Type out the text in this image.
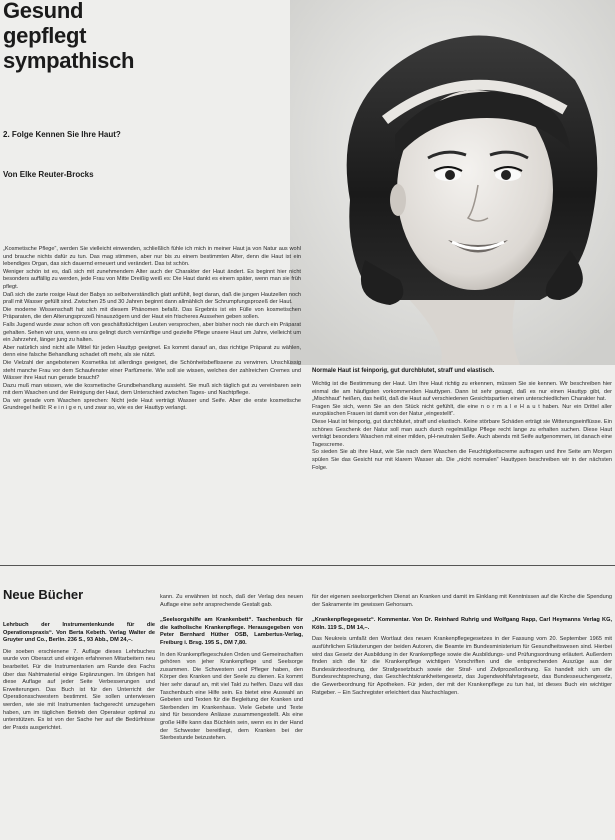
Gesund
gepflegt
sympathisch
2. Folge Kennen Sie Ihre Haut?
Von Elke Reuter-Brocks
Normale Haut ist feinporig, gut durchblutet, straff und elastisch.

„Kosmetische Pflege“, werden Sie vielleicht einwenden, schließlich fühle ich mich in meiner Haut ja von Natur aus wohl und brauche nichts dafür zu tun. Das mag stimmen, aber nur bis zu einem bestimmten Alter, denn die Haut ist ein lebendiges Organ, das sich dauernd erneuert und verändert. Das ist schön.

Weniger schön ist es, daß sich mit zunehmendem Alter auch der Charakter der Haut ändert. Es beginnt hier nicht besonders auffällig zu werden, jede Frau von Mitte Dreißig weiß es: Die Haut dankt es einem später, wenn man sie früh pflegt.

Daß sich die zarte rosige Haut der Babys so selbstverständlich glatt anfühlt, liegt daran, daß die jungen Hautzellen noch prall mit Wasser gefüllt sind. Zwischen 25 und 30 Jahren beginnt dann allmählich der Schrumpfungsprozeß der Haut.

Die moderne Wissenschaft hat sich mit diesem Phänomen befaßt. Das Ergebnis ist ein Fülle von kosmetischen Präparaten, die den Alterungsprozeß hinauszögern und der Haut ein frischeres Aussehen geben sollen.

Falls Jugend wurde zwar schon oft von geschäftstüchtigen Leuten versprochen, aber bisher noch nie durch ein Präparat gehalten. Sehen wir uns, wenn es uns gelingt durch vernünftige und gezielte Pflege unsere Haut um Jahre, vielleicht um ein Jahrzehnt, länger jung zu halten.

Aber natürlich sind nicht alle Mittel für jeden Hauttyp geeignet. Es kommt darauf an, das richtige Präparat zu wählen, denn eine falsche Behandlung schadet oft mehr, als sie nützt.

Die Vielzahl der angebotenen Kosmetika ist allerdings geeignet, die Schönheitsbeflissene zu verwirren. Unschlüssig steht manche Frau vor dem Schaufenster einer Parfümerie. Wie soll sie wissen, welches der zahlreichen Cremes und Wässer ihre Haut nun gerade braucht?

Dazu muß man wissen, wie die kosmetische Grundbehandlung aussieht. Sie muß sich täglich gut zu vereinbaren sein mit dem Waschen und der Reinigung der Haut, dem Unterschied zwischen Tages- und Nachtpflege.

Da wir gerade vom Waschen sprechen: Nicht jede Haut verträgt Wasser und Seife. Aber die erste kosmetische Grundregel heißt: R e i n i g e n, und zwar so, wie es der Hauttyp verlangt.

Wichtig ist die Bestimmung der Haut. Um Ihre Haut richtig zu erkennen, müssen Sie sie kennen. Wir beschreiben hier einmal die am häufigsten vorkommenden Hauttypen. Dann ist sehr gesagt, daß es nur einen Hauttyp gibt, der „Mischhaut“ heißen, das heißt, daß die Haut auf verschiedenen Gesichtspartien einen unterschiedlichen Charakter hat.

Fragen Sie sich, wenn Sie an den Stück nicht gefühlt, die eine n o r m a l e H a u t haben. Nur ein Drittel aller europäischen Frauen ist damit von der Natur „eingestellt“.

Diese Haut ist feinporig, gut durchblutet, straff und elastisch. Keine störbare Schäden erträgt sie Witterungseinflüsse. Ein schönes Geschenk der Natur soll man auch durch regelmäßige Pflege recht lange zu erhalten suchen. Diese Haut verträgt besonders Waschen mit einer milden, pH-neutralen Seife. Auch abends mit Seife aufgenommen, ist danach eine Tagescreme.

So sieden Sie ab ihre Haut, wie Sie nach dem Waschen die Feuchtigkeitscreme auftragen und ihre Seite am Morgen spülen Sie das Gesicht nur mit klarem Wasser ab. Die „nicht normalen“ Hauttypen beschreiben wir in der nächsten Folge.

Neue Bücher

Lehrbuch der Instrumentenkunde für die Operationspraxis“. Von Berta Kebeth. Verlag Walter de Gruyter und Co., Berlin. 236 S., 93 Abb., DM 24,–.

Die soeben erschienene 7. Auflage dieses Lehrbuches wurde von Oberarzt und einigen erfahrenen Mitarbeitern neu bearbeitet. Für die Instrumentarien am Rande des Fachs über das Nahtmaterial einige Ergänzungen. Im übrigen hat diese Auflage auf jeder Seite Verbesserungen und Erweiterungen. Das Buch ist für den Unterricht der Operationsschwestern bestimmt. Sie sollen unterwiesen werden, wie sie mit Instrumenten fachgerecht umzugehen haben, um im täglichen Betrieb den Operateur optimal zu unterstützen. Es ist von der Sache her auf die Bedürfnisse der Praxis ausgerichtet.

kann. Zu erwähnen ist noch, daß der Verlag des neuen Auflage eine sehr ansprechende Gestalt gab.

„Seelsorgshilfe am Krankenbett“. Taschenbuch für die katholische Krankenpflege. Herausgegeben von Peter Bernhard Hüther OSB, Lambertus-Verlag, Freiburg i. Brsg. 195 S., DM 7,80.

In den Krankenpflegeschulen Orden und Gemeinschaften gehören von jeher Krankenpflege und Seelsorge zusammen. Die Schwestern und Pfleger haben, den Körper des Kranken und der Seele zu dienen. Es kommt hier sehr darauf an, mit viel Takt zu helfen. Dazu will das Taschenbuch eine Hilfe sein. Es bietet eine Auswahl an Gebeten und Texten für die Begleitung der Kranken und Sterbenden im Krankenhaus. Viele Gebete und Texte sind für besondere Anlässe zusammengestellt. Als eine große Hilfe kann das Büchlein sein, wenn es in der Hand der Schwester bereitliegt, dem Kranken bei der Sterbestunde beizustehen.

für der eigenen seelsorgerlichen Dienst an Kranken und damit im Einklang mit Kenntnissen auf die Kirche die Spendung der Sakramente im gewissen Gehorsam.

„Krankenpflegegesetz“. Kommentar. Von Dr. Reinhard Ruhrig und Wolfgang Rapp, Carl Heymanns Verlag KG, Köln. 119 S., DM 14,–.

Das Neukreis umfaßt den Wortlaut des neuen Krankenpflegegesetzes in der Fassung vom 20. September 1965 mit ausführlichen Erläuterungen der beiden Autoren, die Beamte im Bundesministerium für Gesundheitswesen sind. Hierbei wird das Gesetz der Ausbildung in der Krankenpflege sowie die Ausbildungs- und Prüfungsordnung erläutert. Außerdem finden sich die für die Krankenpflege wichtigen Vorschriften und die entsprechenden Auszüge aus der Bundesärzteordnung, der Strafgesetzbuch sowie der Straf- und Zivilprozeßordnung. Es handelt sich um die Bundesrechtsprechung, das Geschlechtskrankheitengesetz, das Jugendwohlfahrtsgesetz, das Bundesseuchengesetz, die Gewerbeordnung für Apotheken. Für jeden, der mit der Krankenpflege zu tun hat, ist dieses Buch ein wichtiger Ratgeber. – Ein Sachregister erleichtert das Nachschlagen.
